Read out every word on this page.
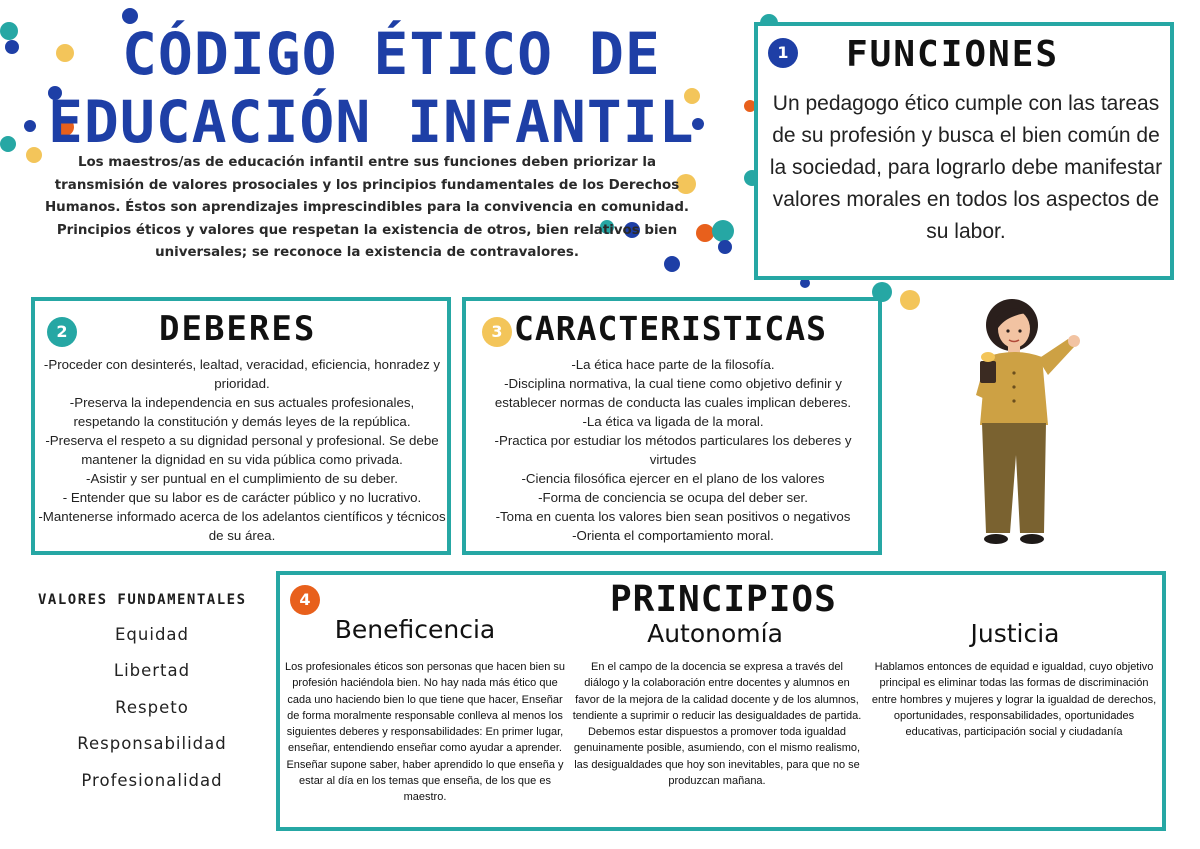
CÓDIGO ÉTICO DE
EDUCACIÓN INFANTIL
Los maestros/as de educación infantil entre sus funciones deben priorizar la transmisión de valores prosociales y los principios fundamentales de los Derechos Humanos. Éstos son aprendizajes imprescindibles para la convivencia en comunidad. Principios éticos y valores que respetan la existencia de otros, bien relativos bien universales; se reconoce la existencia de contravalores.
1 FUNCIONES
Un pedagogo ético cumple con las tareas de su profesión y busca el bien común de la sociedad, para lograrlo debe manifestar valores morales en todos los aspectos de su labor.
2	DEBERES
-Proceder con desinterés, lealtad, veracidad, eficiencia, honradez y prioridad.
-Preserva la independencia en sus actuales profesionales, respetando la constitución y demás leyes de la república.
-Preserva el respeto a su dignidad personal y profesional. Se debe mantener la dignidad en su vida pública como privada.
-Asistir y ser puntual en el cumplimiento de su deber.
- Entender que su labor es de carácter público y no lucrativo.
-Mantenerse informado acerca de los adelantos científicos y técnicos de su área.
3 CARACTERISTICAS
-La ética hace parte de la filosofía.
-Disciplina normativa, la cual tiene como objetivo definir y establecer normas de conducta las cuales implican deberes.
-La ética va ligada de la moral.
-Practica por estudiar los métodos particulares los deberes y virtudes
-Ciencia filosófica ejercer en el plano de los valores
-Forma de conciencia se ocupa del deber ser.
-Toma en cuenta los valores bien sean positivos o negativos
-Orienta el comportamiento moral.
VALORES FUNDAMENTALES
Equidad
Libertad
Respeto
Responsabilidad
Profesionalidad
4	PRINCIPIOS
Beneficencia
Los profesionales éticos son personas que hacen bien su profesión haciéndola bien. No hay nada más ético que cada uno haciendo bien lo que tiene que hacer, Enseñar de forma moralmente responsable conlleva al menos los siguientes deberes y responsabilidades: En primer lugar, enseñar, entendiendo enseñar como ayudar a aprender. Enseñar supone saber, haber aprendido lo que enseña y estar al día en los temas que enseña, de los que es maestro.
Autonomía
En el campo de la docencia se expresa a través del diálogo y la colaboración entre docentes y alumnos en favor de la mejora de la calidad docente y de los alumnos, tendiente a suprimir o reducir las desigualdades de partida. Debemos estar dispuestos a promover toda igualdad genuinamente posible, asumiendo, con el mismo realismo, las desigualdades que hoy son inevitables, para que no se produzcan mañana.
Justicia
Hablamos entonces de equidad e igualdad, cuyo objetivo principal es eliminar todas las formas de discriminación entre hombres y mujeres y lograr la igualdad de derechos, oportunidades, responsabilidades, oportunidades educativas, participación social y ciudadanía
